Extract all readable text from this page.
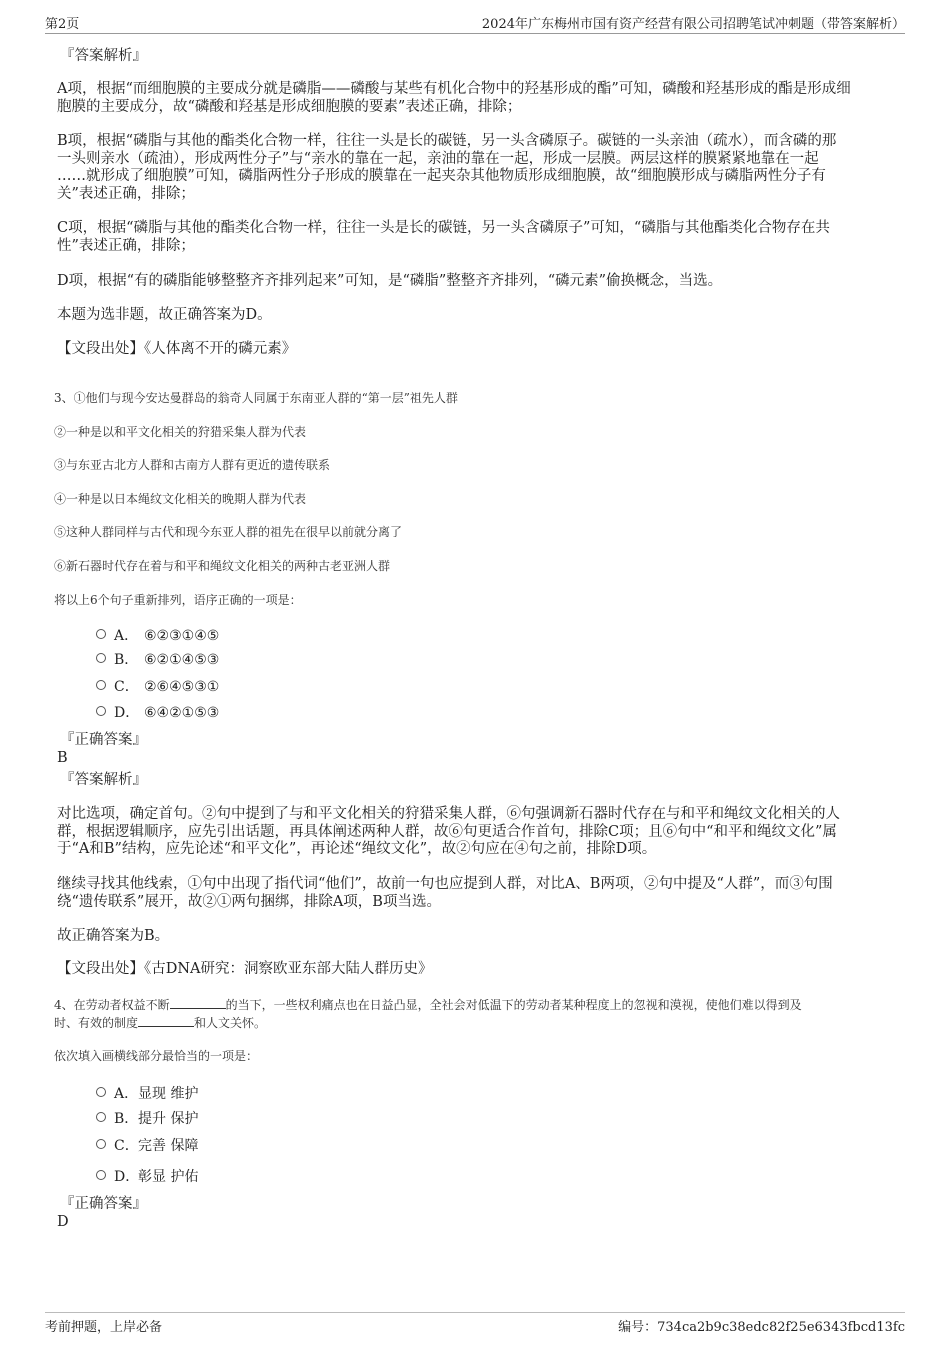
第2页	2024年广东梅州市国有资产经营有限公司招聘笔试冲刺题（带答案解析）
『答案解析』
A项，根据“而细胞膜的主要成分就是磷脂——磷酸与某些有机化合物中的羟基形成的酯”可知，磷酸和羟基形成的酯是形成细
胞膜的主要成分，故“磷酸和羟基是形成细胞膜的要素”表述正确，排除；
B项，根据“磷脂与其他的酯类化合物一样，往往一头是长的碳链，另一头含磷原子。碳链的一头亲油（疏水），而含磷的那
一头则亲水（疏油），形成两性分子”与“亲水的靠在一起，亲油的靠在一起，形成一层膜。两层这样的膜紧紧地靠在一起
……就形成了细胞膜”可知，磷脂两性分子形成的膜靠在一起夹杂其他物质形成细胞膜，故“细胞膜形成与磷脂两性分子有
关”表述正确，排除；
C项，根据“磷脂与其他的酯类化合物一样，往往一头是长的碳链，另一头含磷原子”可知，“磷脂与其他酯类化合物存在共
性”表述正确，排除；
D项，根据“有的磷脂能够整整齐齐排列起来”可知，是“磷脂”整整齐齐排列，“磷元素”偷换概念，当选。
本题为选非题，故正确答案为D。
【文段出处】《人体离不开的磷元素》
3、①他们与现今安达曼群岛的翁奇人同属于东南亚人群的“第一层”祖先人群
②一种是以和平文化相关的狩猎采集人群为代表
③与东亚古北方人群和古南方人群有更近的遗传联系
④一种是以日本绳纹文化相关的晚期人群为代表
⑤这种人群同样与古代和现今东亚人群的祖先在很早以前就分离了
⑥新石器时代存在着与和平和绳纹文化相关的两种古老亚洲人群
将以上6个句子重新排列，语序正确的一项是：
A． ⑥②③①④⑤
B． ⑥②①④⑤③
C． ②⑥④⑤③①
D． ⑥④②①⑤③
『正确答案』
B
『答案解析』
对比选项，确定首句。②句中提到了与和平文化相关的狩猎采集人群，⑥句强调新石器时代存在与和平和绳纹文化相关的人
群，根据逻辑顺序，应先引出话题，再具体阐述两种人群，故⑥句更适合作首句，排除C项；且⑥句中“和平和绳纹文化”属
于“A和B”结构，应先论述“和平文化”，再论述“绳纹文化”，故②句应在④句之前，排除D项。
继续寻找其他线索，①句中出现了指代词“他们”，故前一句也应提到人群，对比A、B两项，②句中提及“人群”，而③句围
绕“遗传联系”展开，故②①两句捆绑，排除A项，B项当选。
故正确答案为B。
【文段出处】《古DNA研究：洞察欧亚东部大陆人群历史》
4、在劳动者权益不断	的当下，一些权利痛点也在日益凸显，全社会对低温下的劳动者某种程度上的忽视和漠视，使他们难以得到及
时、有效的制度	和人文关怀。
依次填入画横线部分最恰当的一项是：
A．显现 维护
B．提升 保护
C．完善 保障
D．彰显 护佑
『正确答案』
D
考前押题，上岸必备	编号：734ca2b9c38edc82f25e6343fbcd13fc
